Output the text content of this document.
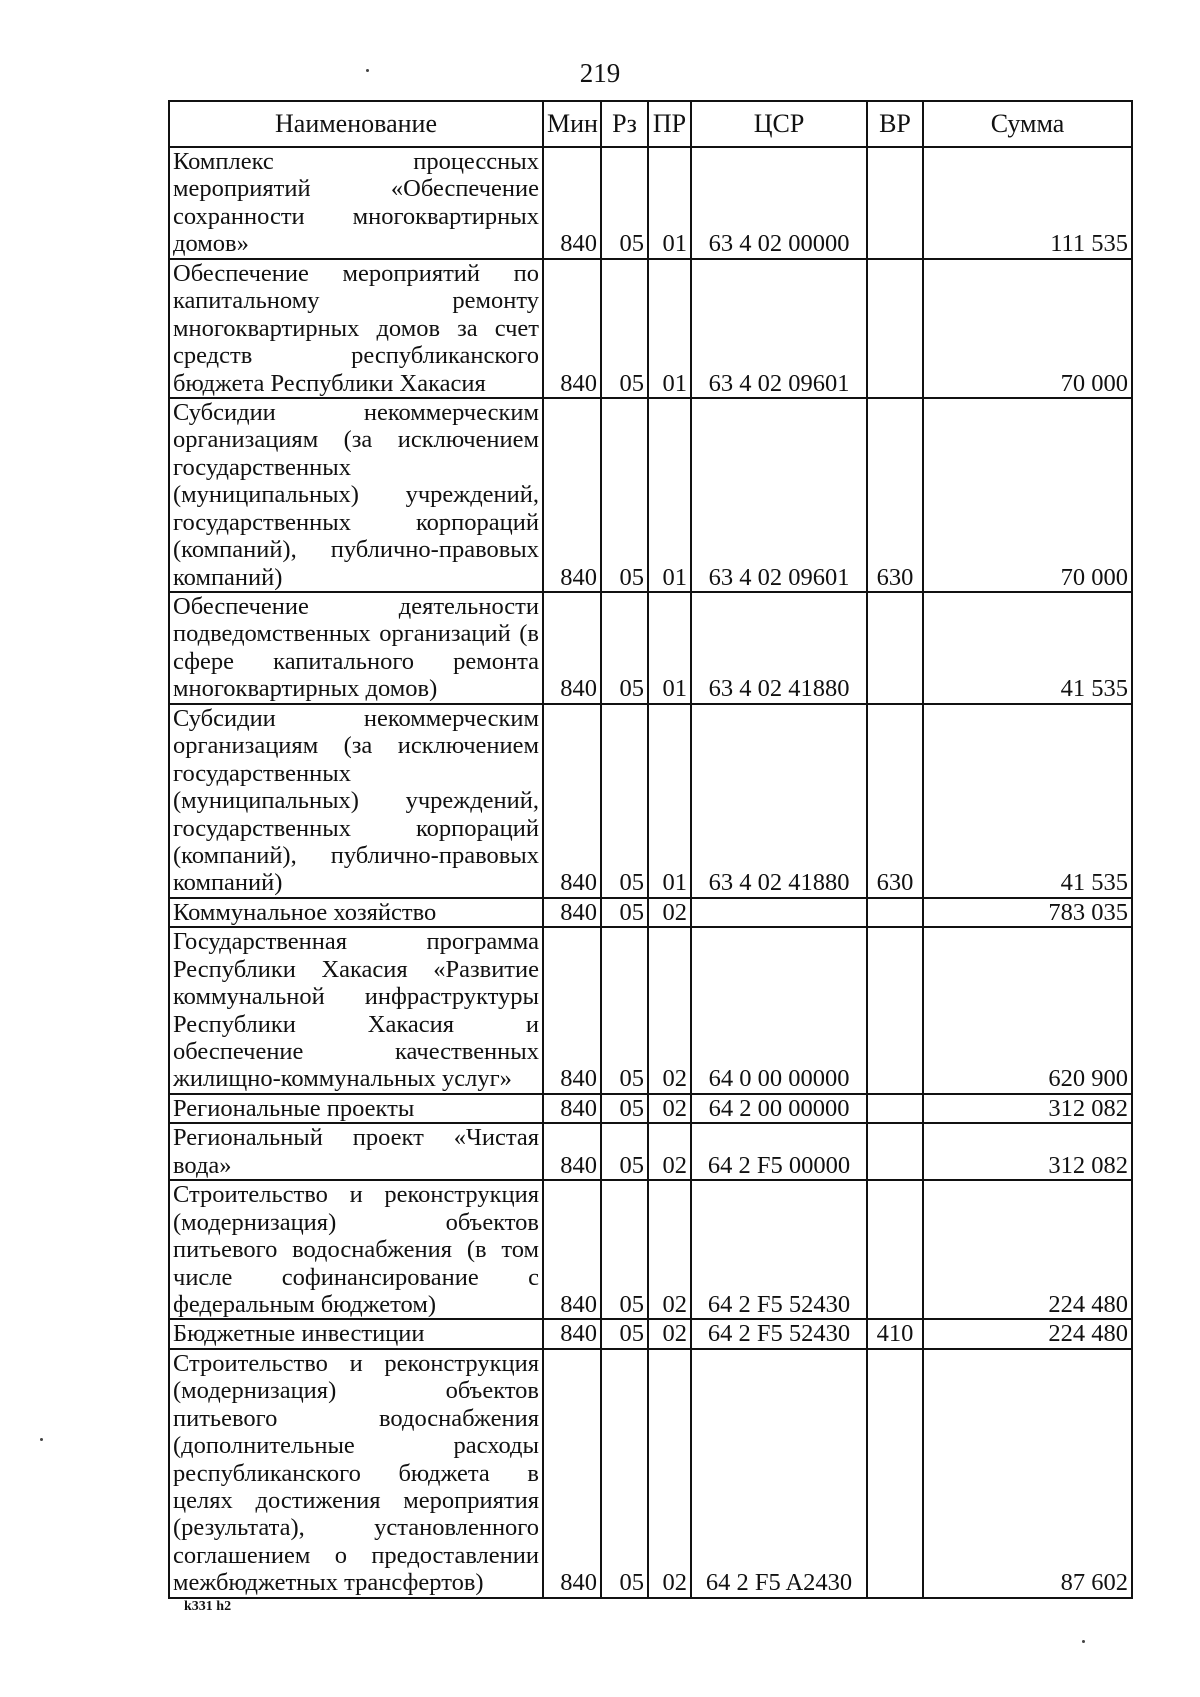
219
Наименование	Мин	Рз	ПР	ЦСР	ВР	Сумма
Комплекс процессных мероприятий «Обеспечение сохранности многоквартирных домов»	840	05	01	63 4 02 00000		111 535
Обеспечение мероприятий по капитальному ремонту многоквартирных домов за счет средств республиканского бюджета Республики Хакасия	840	05	01	63 4 02 09601		70 000
Субсидии некоммерческим организациям (за исключением государственных (муниципальных) учреждений, государственных корпораций (компаний), публично-правовых компаний)	840	05	01	63 4 02 09601	630	70 000
Обеспечение деятельности подведомственных организаций (в сфере капитального ремонта многоквартирных домов)	840	05	01	63 4 02 41880		41 535
Субсидии некоммерческим организациям (за исключением государственных (муниципальных) учреждений, государственных корпораций (компаний), публично-правовых компаний)	840	05	01	63 4 02 41880	630	41 535
Коммунальное хозяйство	840	05	02			783 035
Государственная программа Республики Хакасия «Развитие коммунальной инфраструктуры Республики Хакасия и обеспечение качественных жилищно-коммунальных услуг»	840	05	02	64 0 00 00000		620 900
Региональные проекты	840	05	02	64 2 00 00000		312 082
Региональный проект «Чистая вода»	840	05	02	64 2 F5 00000		312 082
Строительство и реконструкция (модернизация) объектов питьевого водоснабжения (в том числе софинансирование с федеральным бюджетом)	840	05	02	64 2 F5 52430		224 480
Бюджетные инвестиции	840	05	02	64 2 F5 52430	410	224 480
Строительство и реконструкция (модернизация) объектов питьевого водоснабжения (дополнительные расходы республиканского бюджета в целях достижения мероприятия (результата), установленного соглашением о предоставлении межбюджетных трансфертов)	840	05	02	64 2 F5 A2430		87 602
k331 h2
